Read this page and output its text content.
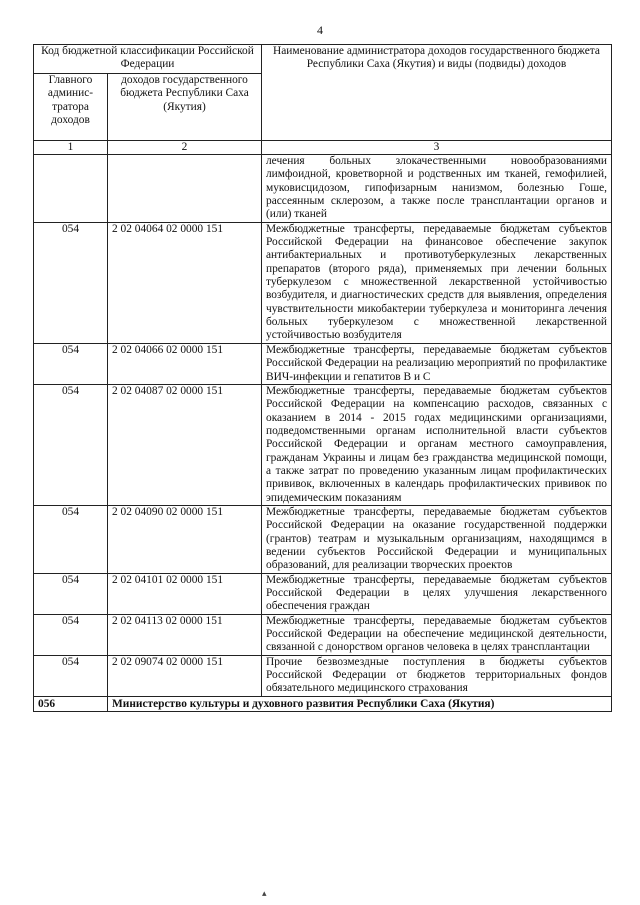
4
Код бюджетной классификации Российской Федерации		Наименование администратора доходов государственного бюджета Республики Саха (Якутия) и виды (подвиды) доходов
Главного админис-тратора доходов	доходов государственного бюджета Республики Саха (Якутия)	
1	2	3
		лечения больных злокачественными новообразованиями лимфоидной, кроветворной и родственных им тканей, гемофилией, муковисцидозом, гипофизарным нанизмом, болезнью Гоше, рассеянным склерозом, а также после трансплантации органов и (или) тканей
054	2 02 04064 02 0000 151	Межбюджетные трансферты, передаваемые бюджетам субъектов Российской Федерации на финансовое обеспечение закупок антибактериальных и противотуберкулезных лекарственных препаратов (второго ряда), применяемых при лечении больных туберкулезом с множественной лекарственной устойчивостью возбудителя, и диагностических средств для выявления, определения чувствительности микобактерии туберкулеза и мониторинга лечения больных туберкулезом с множественной лекарственной устойчивостью возбудителя
054	2 02 04066 02 0000 151	Межбюджетные трансферты, передаваемые бюджетам субъектов Российской Федерации на реализацию мероприятий по профилактике ВИЧ-инфекции и гепатитов В и С
054	2 02 04087 02 0000 151	Межбюджетные трансферты, передаваемые бюджетам субъектов Российской Федерации на компенсацию расходов, связанных с оказанием в 2014 - 2015 годах медицинскими организациями, подведомственными органам исполнительной власти субъектов Российской Федерации и органам местного самоуправления, гражданам Украины и лицам без гражданства медицинской помощи, а также затрат по проведению указанным лицам профилактических прививок, включенных в календарь профилактических прививок по эпидемическим показаниям
054	2 02 04090 02 0000 151	Межбюджетные трансферты, передаваемые бюджетам субъектов Российской Федерации на оказание государственной поддержки (грантов) театрам и музыкальным организациям, находящимся в ведении субъектов Российской Федерации и муниципальных образований, для реализации творческих проектов
054	2 02 04101 02 0000 151	Межбюджетные трансферты, передаваемые бюджетам субъектов Российской Федерации в целях улучшения лекарственного обеспечения граждан
054	2 02 04113 02 0000 151	Межбюджетные трансферты, передаваемые бюджетам субъектов Российской Федерации на обеспечение медицинской деятельности, связанной с донорством органов человека в целях трансплантации
054	2 02 09074 02 0000 151	Прочие безвозмездные поступления в бюджеты субъектов Российской Федерации от бюджетов территориальных фондов обязательного медицинского страхования
056	Министерство культуры и духовного развития Республики Саха (Якутия)	
▴
